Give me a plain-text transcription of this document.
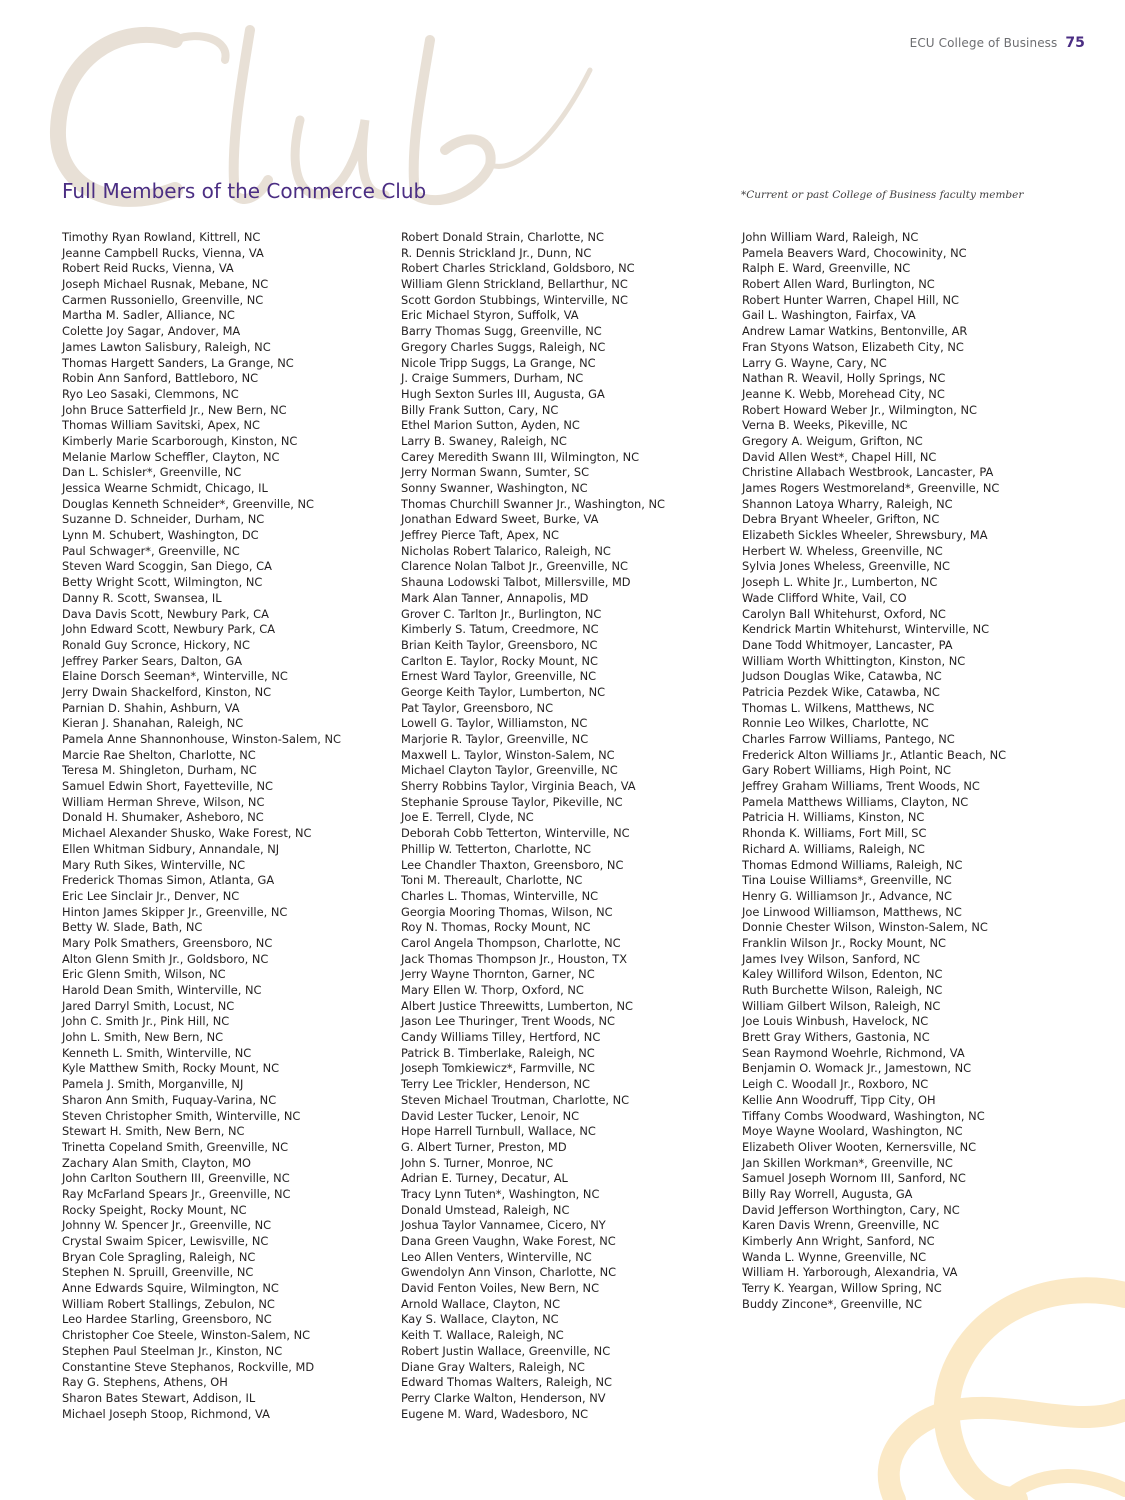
ECU College of Business 75
Full Members of the Commerce Club	*Current or past College of Business faculty member
Timothy Ryan Rowland, Kittrell, NC
Jeanne Campbell Rucks, Vienna, VA
Robert Reid Rucks, Vienna, VA
Joseph Michael Rusnak, Mebane, NC
Carmen Russoniello, Greenville, NC
Martha M. Sadler, Alliance, NC
Colette Joy Sagar, Andover, MA
James Lawton Salisbury, Raleigh, NC
Thomas Hargett Sanders, La Grange, NC
Robin Ann Sanford, Battleboro, NC
Ryo Leo Sasaki, Clemmons, NC
John Bruce Satterfield Jr., New Bern, NC
Thomas William Savitski, Apex, NC
Kimberly Marie Scarborough, Kinston, NC
Melanie Marlow Scheffler, Clayton, NC
Dan L. Schisler*, Greenville, NC
Jessica Wearne Schmidt, Chicago, IL
Douglas Kenneth Schneider*, Greenville, NC
Suzanne D. Schneider, Durham, NC
Lynn M. Schubert, Washington, DC
Paul Schwager*, Greenville, NC
Steven Ward Scoggin, San Diego, CA
Betty Wright Scott, Wilmington, NC
Danny R. Scott, Swansea, IL
Dava Davis Scott, Newbury Park, CA
John Edward Scott, Newbury Park, CA
Ronald Guy Scronce, Hickory, NC
Jeffrey Parker Sears, Dalton, GA
Elaine Dorsch Seeman*, Winterville, NC
Jerry Dwain Shackelford, Kinston, NC
Parnian D. Shahin, Ashburn, VA
Kieran J. Shanahan, Raleigh, NC
Pamela Anne Shannonhouse, Winston-Salem, NC
Marcie Rae Shelton, Charlotte, NC
Teresa M. Shingleton, Durham, NC
Samuel Edwin Short, Fayetteville, NC
William Herman Shreve, Wilson, NC
Donald H. Shumaker, Asheboro, NC
Michael Alexander Shusko, Wake Forest, NC
Ellen Whitman Sidbury, Annandale, NJ
Mary Ruth Sikes, Winterville, NC
Frederick Thomas Simon, Atlanta, GA
Eric Lee Sinclair Jr., Denver, NC
Hinton James Skipper Jr., Greenville, NC
Betty W. Slade, Bath, NC
Mary Polk Smathers, Greensboro, NC
Alton Glenn Smith Jr., Goldsboro, NC
Eric Glenn Smith, Wilson, NC
Harold Dean Smith, Winterville, NC
Jared Darryl Smith, Locust, NC
John C. Smith Jr., Pink Hill, NC
John L. Smith, New Bern, NC
Kenneth L. Smith, Winterville, NC
Kyle Matthew Smith, Rocky Mount, NC
Pamela J. Smith, Morganville, NJ
Sharon Ann Smith, Fuquay-Varina, NC
Steven Christopher Smith, Winterville, NC
Stewart H. Smith, New Bern, NC
Trinetta Copeland Smith, Greenville, NC
Zachary Alan Smith, Clayton, MO
John Carlton Southern III, Greenville, NC
Ray McFarland Spears Jr., Greenville, NC
Rocky Speight, Rocky Mount, NC
Johnny W. Spencer Jr., Greenville, NC
Crystal Swaim Spicer, Lewisville, NC
Bryan Cole Spragling, Raleigh, NC
Stephen N. Spruill, Greenville, NC
Anne Edwards Squire, Wilmington, NC
William Robert Stallings, Zebulon, NC
Leo Hardee Starling, Greensboro, NC
Christopher Coe Steele, Winston-Salem, NC
Stephen Paul Steelman Jr., Kinston, NC
Constantine Steve Stephanos, Rockville, MD
Ray G. Stephens, Athens, OH
Sharon Bates Stewart, Addison, IL
Michael Joseph Stoop, Richmond, VA
Robert Donald Strain, Charlotte, NC
R. Dennis Strickland Jr., Dunn, NC
Robert Charles Strickland, Goldsboro, NC
William Glenn Strickland, Bellarthur, NC
Scott Gordon Stubbings, Winterville, NC
Eric Michael Styron, Suffolk, VA
Barry Thomas Sugg, Greenville, NC
Gregory Charles Suggs, Raleigh, NC
Nicole Tripp Suggs, La Grange, NC
J. Craige Summers, Durham, NC
Hugh Sexton Surles III, Augusta, GA
Billy Frank Sutton, Cary, NC
Ethel Marion Sutton, Ayden, NC
Larry B. Swaney, Raleigh, NC
Carey Meredith Swann III, Wilmington, NC
Jerry Norman Swann, Sumter, SC
Sonny Swanner, Washington, NC
Thomas Churchill Swanner Jr., Washington, NC
Jonathan Edward Sweet, Burke, VA
Jeffrey Pierce Taft, Apex, NC
Nicholas Robert Talarico, Raleigh, NC
Clarence Nolan Talbot Jr., Greenville, NC
Shauna Lodowski Talbot, Millersville, MD
Mark Alan Tanner, Annapolis, MD
Grover C. Tarlton Jr., Burlington, NC
Kimberly S. Tatum, Creedmore, NC
Brian Keith Taylor, Greensboro, NC
Carlton E. Taylor, Rocky Mount, NC
Ernest Ward Taylor, Greenville, NC
George Keith Taylor, Lumberton, NC
Pat Taylor, Greensboro, NC
Lowell G. Taylor, Williamston, NC
Marjorie R. Taylor, Greenville, NC
Maxwell L. Taylor, Winston-Salem, NC
Michael Clayton Taylor, Greenville, NC
Sherry Robbins Taylor, Virginia Beach, VA
Stephanie Sprouse Taylor, Pikeville, NC
Joe E. Terrell, Clyde, NC
Deborah Cobb Tetterton, Winterville, NC
Phillip W. Tetterton, Charlotte, NC
Lee Chandler Thaxton, Greensboro, NC
Toni M. Thereault, Charlotte, NC
Charles L. Thomas, Winterville, NC
Georgia Mooring Thomas, Wilson, NC
Roy N. Thomas, Rocky Mount, NC
Carol Angela Thompson, Charlotte, NC
Jack Thomas Thompson Jr., Houston, TX
Jerry Wayne Thornton, Garner, NC
Mary Ellen W. Thorp, Oxford, NC
Albert Justice Threewitts, Lumberton, NC
Jason Lee Thuringer, Trent Woods, NC
Candy Williams Tilley, Hertford, NC
Patrick B. Timberlake, Raleigh, NC
Joseph Tomkiewicz*, Farmville, NC
Terry Lee Trickler, Henderson, NC
Steven Michael Troutman, Charlotte, NC
David Lester Tucker, Lenoir, NC
Hope Harrell Turnbull, Wallace, NC
G. Albert Turner, Preston, MD
John S. Turner, Monroe, NC
Adrian E. Turney, Decatur, AL
Tracy Lynn Tuten*, Washington, NC
Donald Umstead, Raleigh, NC
Joshua Taylor Vannamee, Cicero, NY
Dana Green Vaughn, Wake Forest, NC
Leo Allen Venters, Winterville, NC
Gwendolyn Ann Vinson, Charlotte, NC
David Fenton Voiles, New Bern, NC
Arnold Wallace, Clayton, NC
Kay S. Wallace, Clayton, NC
Keith T. Wallace, Raleigh, NC
Robert Justin Wallace, Greenville, NC
Diane Gray Walters, Raleigh, NC
Edward Thomas Walters, Raleigh, NC
Perry Clarke Walton, Henderson, NV
Eugene M. Ward, Wadesboro, NC
John William Ward, Raleigh, NC
Pamela Beavers Ward, Chocowinity, NC
Ralph E. Ward, Greenville, NC
Robert Allen Ward, Burlington, NC
Robert Hunter Warren, Chapel Hill, NC
Gail L. Washington, Fairfax, VA
Andrew Lamar Watkins, Bentonville, AR
Fran Styons Watson, Elizabeth City, NC
Larry G. Wayne, Cary, NC
Nathan R. Weavil, Holly Springs, NC
Jeanne K. Webb, Morehead City, NC
Robert Howard Weber Jr., Wilmington, NC
Verna B. Weeks, Pikeville, NC
Gregory A. Weigum, Grifton, NC
David Allen West*, Chapel Hill, NC
Christine Allabach Westbrook, Lancaster, PA
James Rogers Westmoreland*, Greenville, NC
Shannon Latoya Wharry, Raleigh, NC
Debra Bryant Wheeler, Grifton, NC
Elizabeth Sickles Wheeler, Shrewsbury, MA
Herbert W. Wheless, Greenville, NC
Sylvia Jones Wheless, Greenville, NC
Joseph L. White Jr., Lumberton, NC
Wade Clifford White, Vail, CO
Carolyn Ball Whitehurst, Oxford, NC
Kendrick Martin Whitehurst, Winterville, NC
Dane Todd Whitmoyer, Lancaster, PA
William Worth Whittington, Kinston, NC
Judson Douglas Wike, Catawba, NC
Patricia Pezdek Wike, Catawba, NC
Thomas L. Wilkens, Matthews, NC
Ronnie Leo Wilkes, Charlotte, NC
Charles Farrow Williams, Pantego, NC
Frederick Alton Williams Jr., Atlantic Beach, NC
Gary Robert Williams, High Point, NC
Jeffrey Graham Williams, Trent Woods, NC
Pamela Matthews Williams, Clayton, NC
Patricia H. Williams, Kinston, NC
Rhonda K. Williams, Fort Mill, SC
Richard A. Williams, Raleigh, NC
Thomas Edmond Williams, Raleigh, NC
Tina Louise Williams*, Greenville, NC
Henry G. Williamson Jr., Advance, NC
Joe Linwood Williamson, Matthews, NC
Donnie Chester Wilson, Winston-Salem, NC
Franklin Wilson Jr., Rocky Mount, NC
James Ivey Wilson, Sanford, NC
Kaley Williford Wilson, Edenton, NC
Ruth Burchette Wilson, Raleigh, NC
William Gilbert Wilson, Raleigh, NC
Joe Louis Winbush, Havelock, NC
Brett Gray Withers, Gastonia, NC
Sean Raymond Woehrle, Richmond, VA
Benjamin O. Womack Jr., Jamestown, NC
Leigh C. Woodall Jr., Roxboro, NC
Kellie Ann Woodruff, Tipp City, OH
Tiffany Combs Woodward, Washington, NC
Moye Wayne Woolard, Washington, NC
Elizabeth Oliver Wooten, Kernersville, NC
Jan Skillen Workman*, Greenville, NC
Samuel Joseph Wornom III, Sanford, NC
Billy Ray Worrell, Augusta, GA
David Jefferson Worthington, Cary, NC
Karen Davis Wrenn, Greenville, NC
Kimberly Ann Wright, Sanford, NC
Wanda L. Wynne, Greenville, NC
William H. Yarborough, Alexandria, VA
Terry K. Yeargan, Willow Spring, NC
Buddy Zincone*, Greenville, NC
